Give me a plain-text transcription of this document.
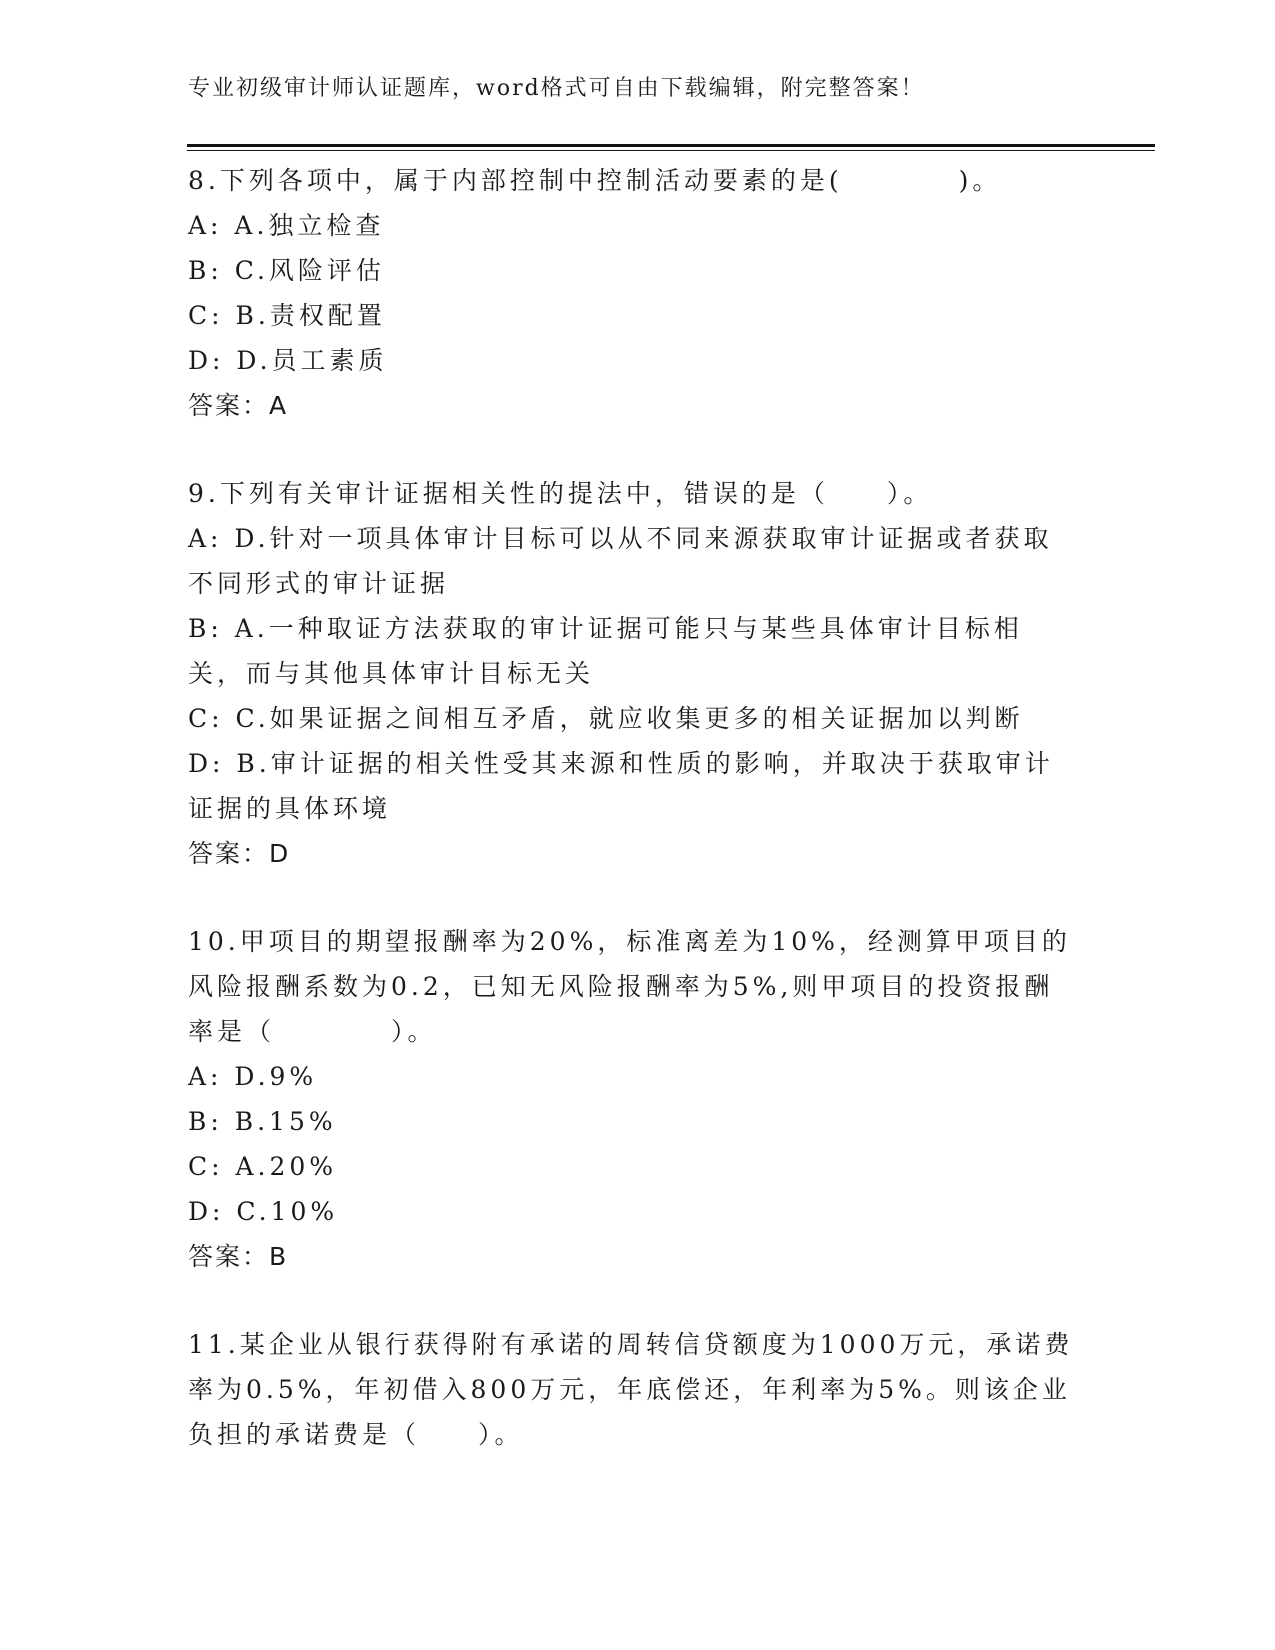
专业初级审计师认证题库，word格式可自由下载编辑，附完整答案！

8.下列各项中，属于内部控制中控制活动要素的是(　　　　)。

A: A.独立检查

B: C.风险评估

C: B.责权配置

D: D.员工素质

答案：A

9.下列有关审计证据相关性的提法中，错误的是（　　）。

A: D.针对一项具体审计目标可以从不同来源获取审计证据或者获取不同形式的审计证据

B: A.一种取证方法获取的审计证据可能只与某些具体审计目标相关，而与其他具体审计目标无关

C: C.如果证据之间相互矛盾，就应收集更多的相关证据加以判断

D: B.审计证据的相关性受其来源和性质的影响，并取决于获取审计证据的具体环境

答案：D

10.甲项目的期望报酬率为20%，标准离差为10%，经测算甲项目的风险报酬系数为0.2，已知无风险报酬率为5%,则甲项目的投资报酬率是（　　　　）。

A: D.9%

B: B.15%

C: A.20%

D: C.10%

答案：B

11.某企业从银行获得附有承诺的周转信贷额度为1000万元，承诺费率为0.5%，年初借入800万元，年底偿还，年利率为5%。则该企业负担的承诺费是（　　）。
